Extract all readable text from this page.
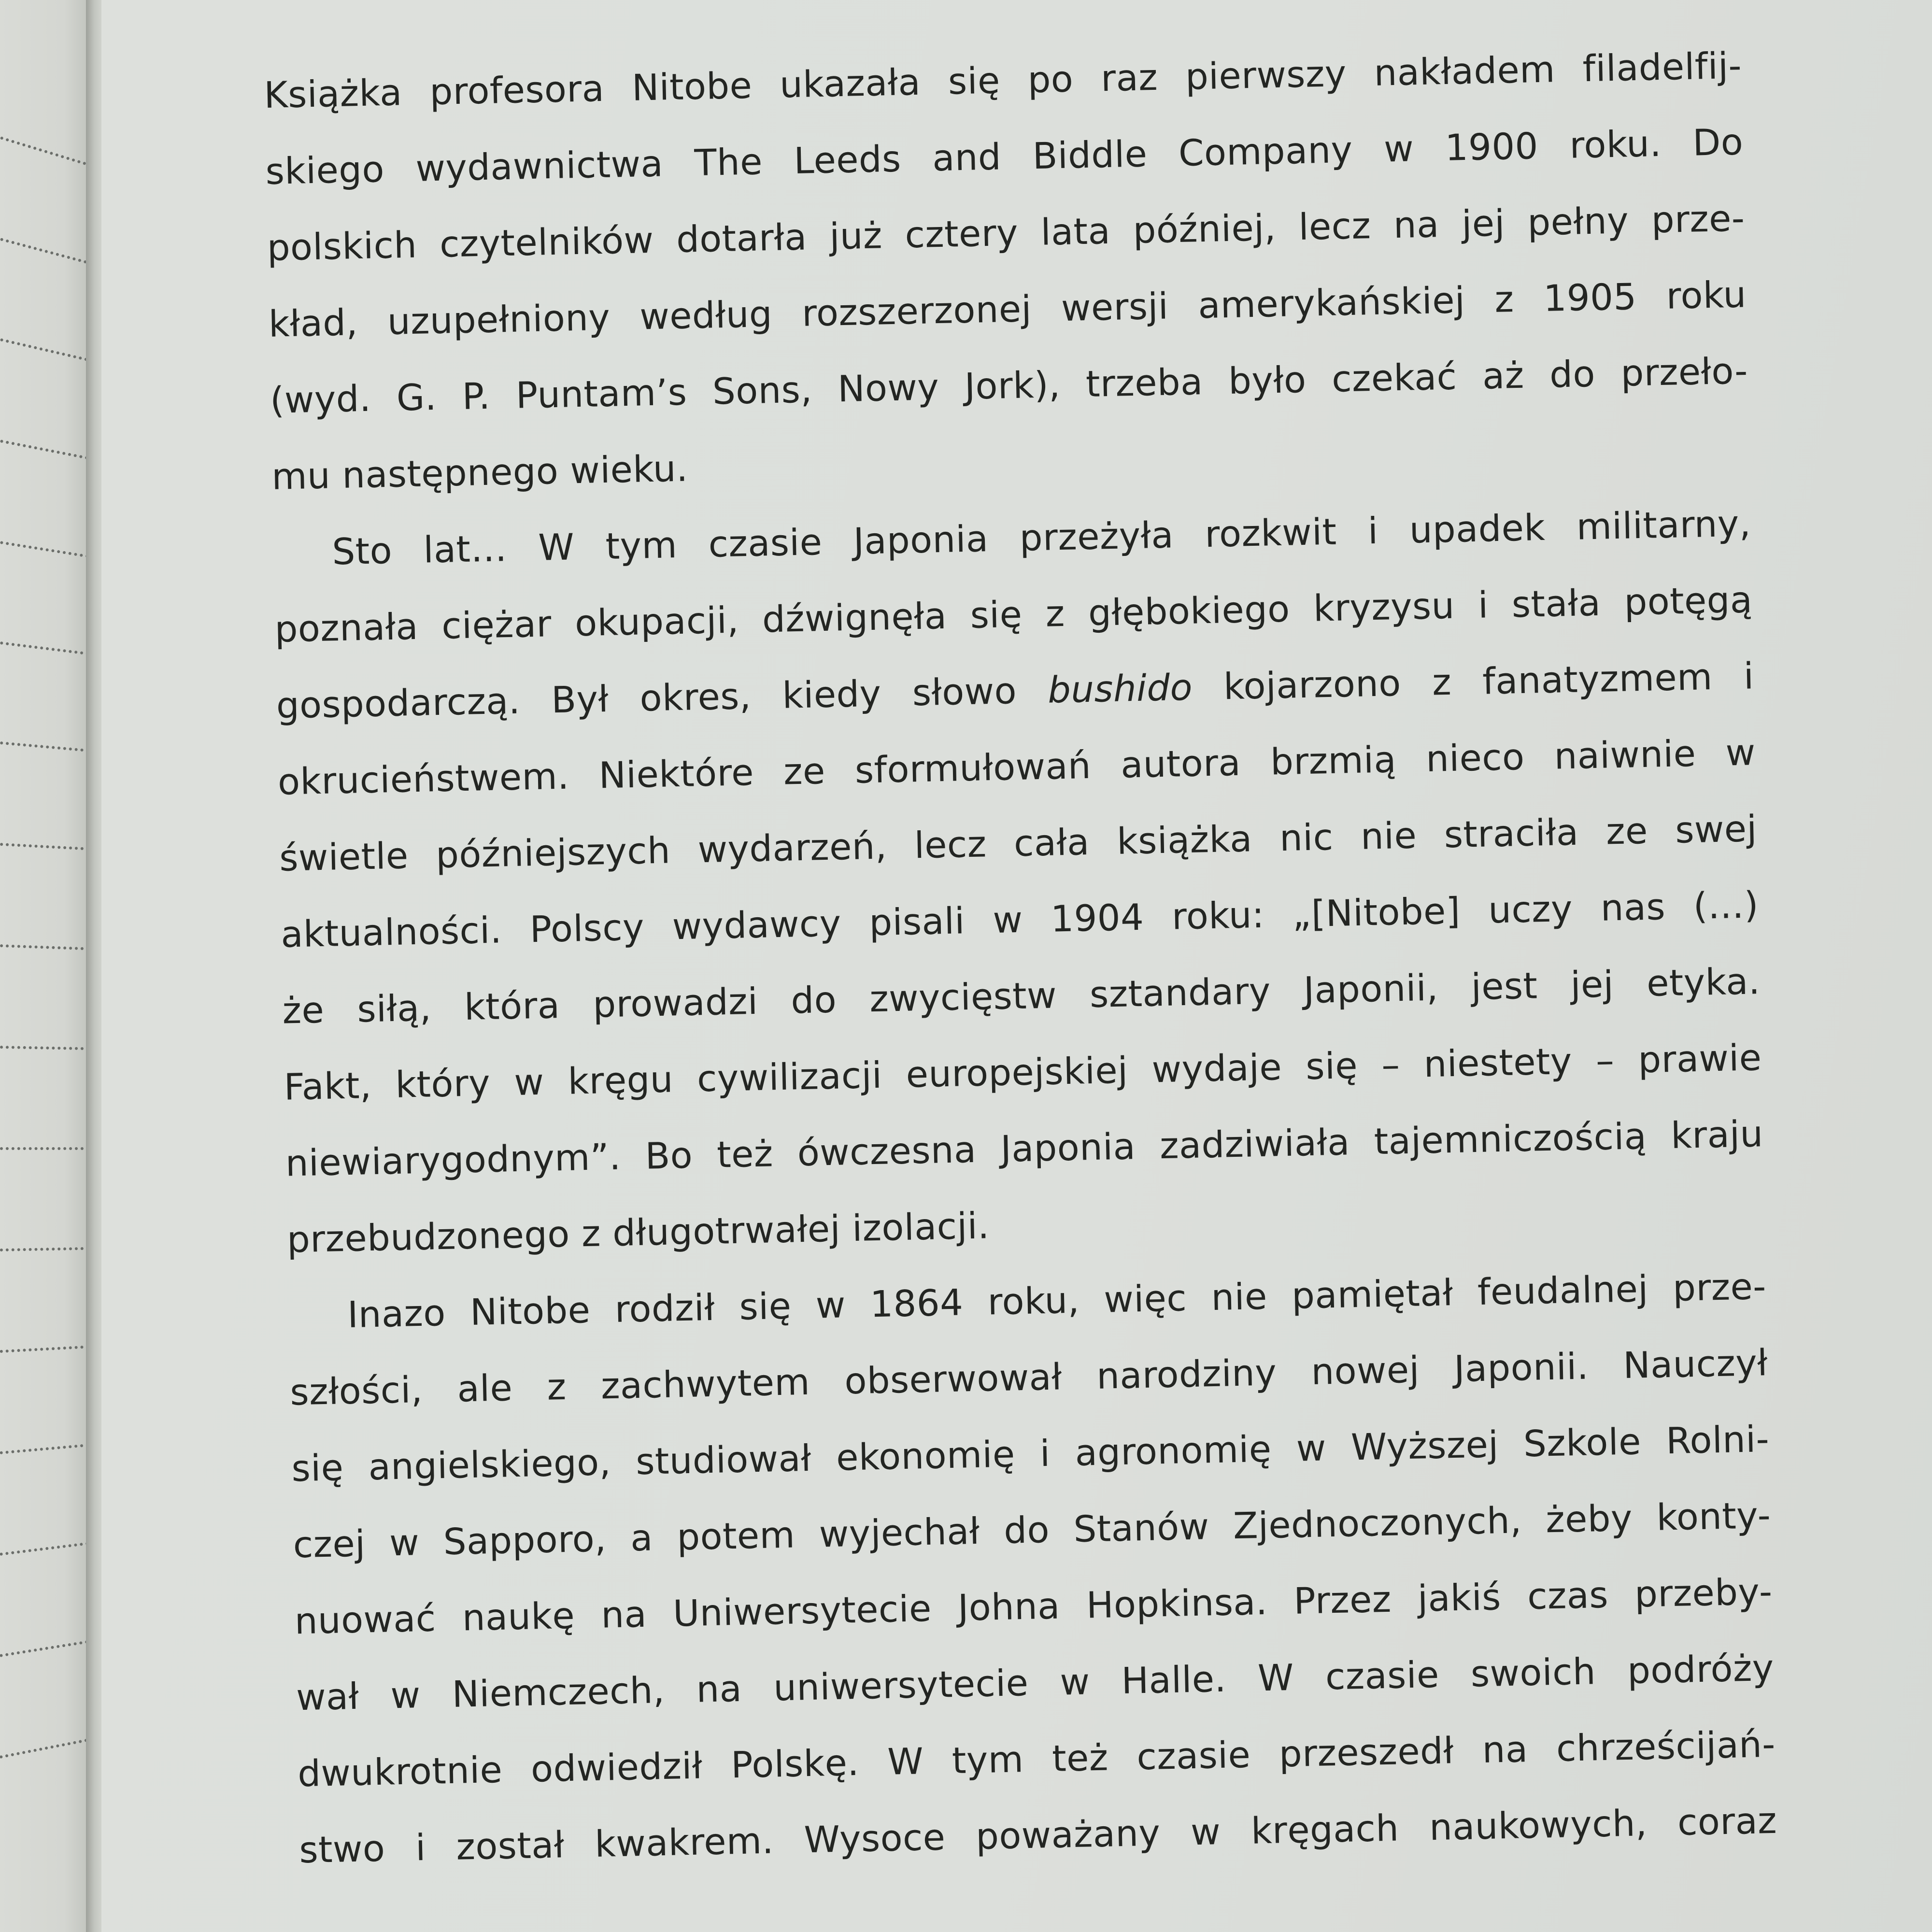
Książka profesora Nitobe ukazała się po raz pierwszy nakładem filadelfij-
skiego wydawnictwa The Leeds and Biddle Company w 1900 roku. Do
polskich czytelników dotarła już cztery lata później, lecz na jej pełny prze-
kład, uzupełniony według rozszerzonej wersji amerykańskiej z 1905 roku
(wyd. G. P. Puntam’s Sons, Nowy Jork), trzeba było czekać aż do przeło-
mu następnego wieku.
Sto lat… W tym czasie Japonia przeżyła rozkwit i upadek militarny,
poznała ciężar okupacji, dźwignęła się z głębokiego kryzysu i stała potęgą
gospodarczą. Był okres, kiedy słowo bushido kojarzono z fanatyzmem i
okrucieństwem. Niektóre ze sformułowań autora brzmią nieco naiwnie w
świetle późniejszych wydarzeń, lecz cała książka nic nie straciła ze swej
aktualności. Polscy wydawcy pisali w 1904 roku: „[Nitobe] uczy nas (…)
że siłą, która prowadzi do zwycięstw sztandary Japonii, jest jej etyka.
Fakt, który w kręgu cywilizacji europejskiej wydaje się – niestety – prawie
niewiarygodnym”. Bo też ówczesna Japonia zadziwiała tajemniczością kraju
przebudzonego z długotrwałej izolacji.
Inazo Nitobe rodził się w 1864 roku, więc nie pamiętał feudalnej prze-
szłości, ale z zachwytem obserwował narodziny nowej Japonii. Nauczył
się angielskiego, studiował ekonomię i agronomię w Wyższej Szkole Rolni-
czej w Sapporo, a potem wyjechał do Stanów Zjednoczonych, żeby konty-
nuować naukę na Uniwersytecie Johna Hopkinsa. Przez jakiś czas przeby-
wał w Niemczech, na uniwersytecie w Halle. W czasie swoich podróży
dwukrotnie odwiedził Polskę. W tym też czasie przeszedł na chrześcijań-
stwo i został kwakrem. Wysoce poważany w kręgach naukowych, coraz
